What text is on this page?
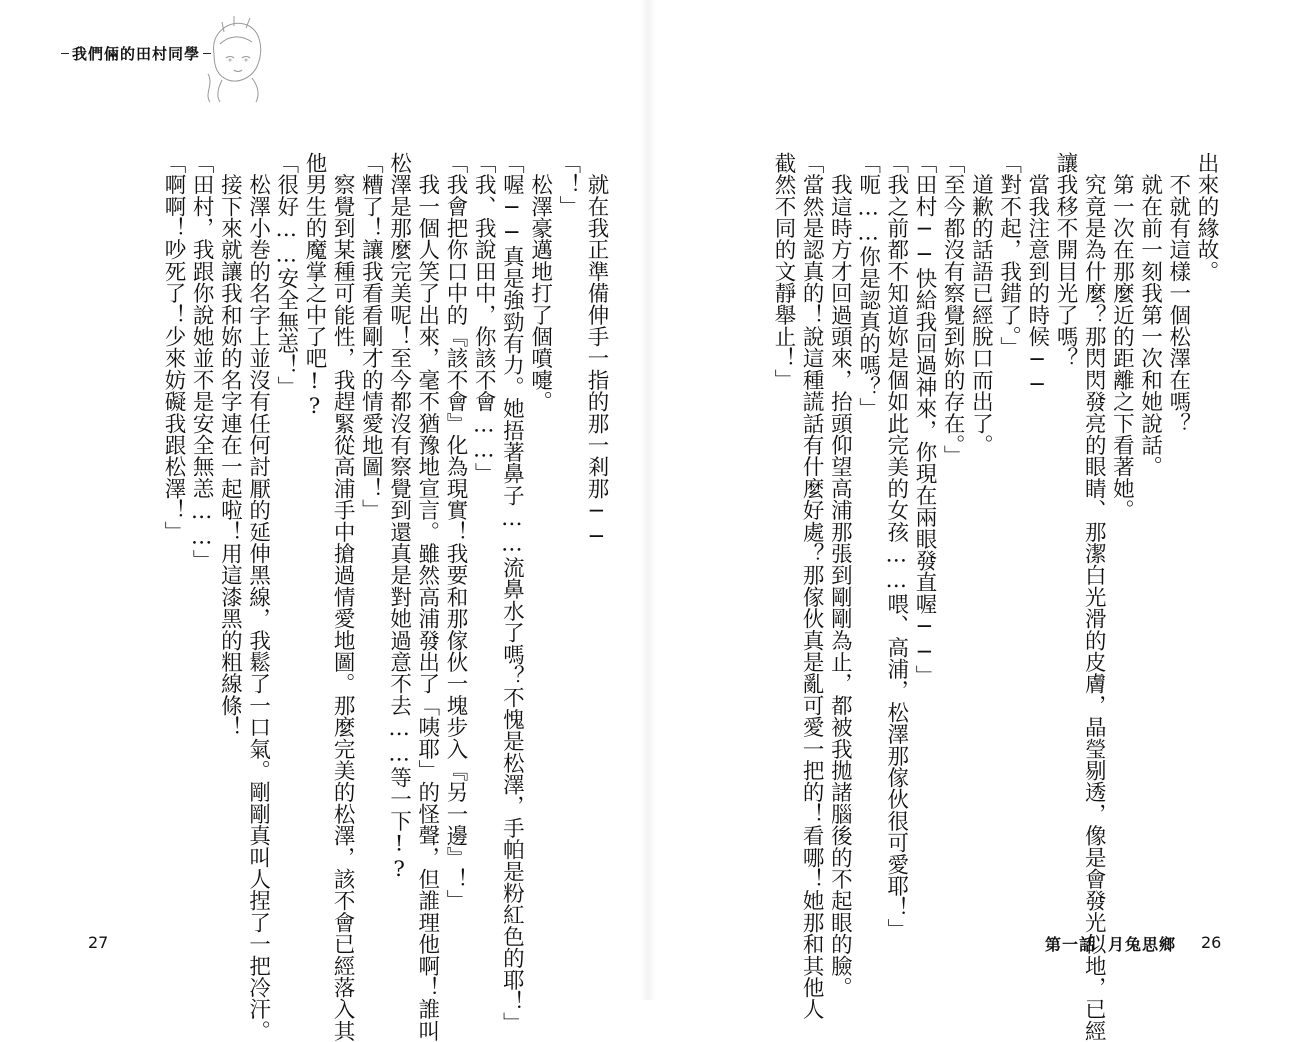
我們倆的田村同學
　就在我正準備伸手一指的那一剎那──
「！」
　松澤豪邁地打了個噴嚏。
「喔──真是強勁有力。她捂著鼻子……流鼻水了嗎？不愧是松澤，手帕是粉紅色的耶！」
「我、我說田中，你該不會……」
「我會把你口中的『該不會』化為現實！我要和那傢伙一塊步入『另一邊』！」
　我一個人笑了出來，毫不猶豫地宣言。雖然高浦發出了「咦耶」的怪聲，但誰理他啊！誰叫
松澤是那麼完美呢！至今都沒有察覺到還真是對她過意不去……等一下!?
「糟了！讓我看看剛才的情愛地圖！」
　察覺到某種可能性，我趕緊從高浦手中搶過情愛地圖。那麼完美的松澤，該不會已經落入其
他男生的魔掌之中了吧!?
「很好……安全無恙！」
　松澤小巻的名字上並沒有任何討厭的延伸黑線，我鬆了一口氣。剛剛真叫人捏了一把冷汗。
　接下來就讓我和妳的名字連在一起啦！用這漆黑的粗線條！
「田村，我跟你說她並不是安全無恙……」
「啊啊！吵死了！少來妨礙我跟松澤！」
27
出來的緣故。
　不就有這樣一個松澤在嗎？
　就在前一刻我第一次和她說話。
　第一次在那麼近的距離之下看著她。
　究竟是為什麼？那閃閃發亮的眼睛、那潔白光滑的皮膚，晶瑩剔透，像是會發光似地，已經
讓我移不開目光了嗎？
　當我注意到的時候──
「對不起，我錯了。」
　道歉的話語已經脫口而出了。
「至今都沒有察覺到妳的存在。」
「田村──快給我回過神來，你現在兩眼發直喔──」
「我之前都不知道妳是個如此完美的女孩……喂、高浦，松澤那傢伙很可愛耶！」
「呃……你是認真的嗎？」
　我這時方才回過頭來，抬頭仰望高浦那張到剛剛為止，都被我拋諸腦後的不起眼的臉。
「當然是認真的！說這種謊話有什麼好處？那傢伙真是亂可愛一把的！看哪！她那和其他人
截然不同的文靜舉止！」
第一話 月兔思鄉 26
